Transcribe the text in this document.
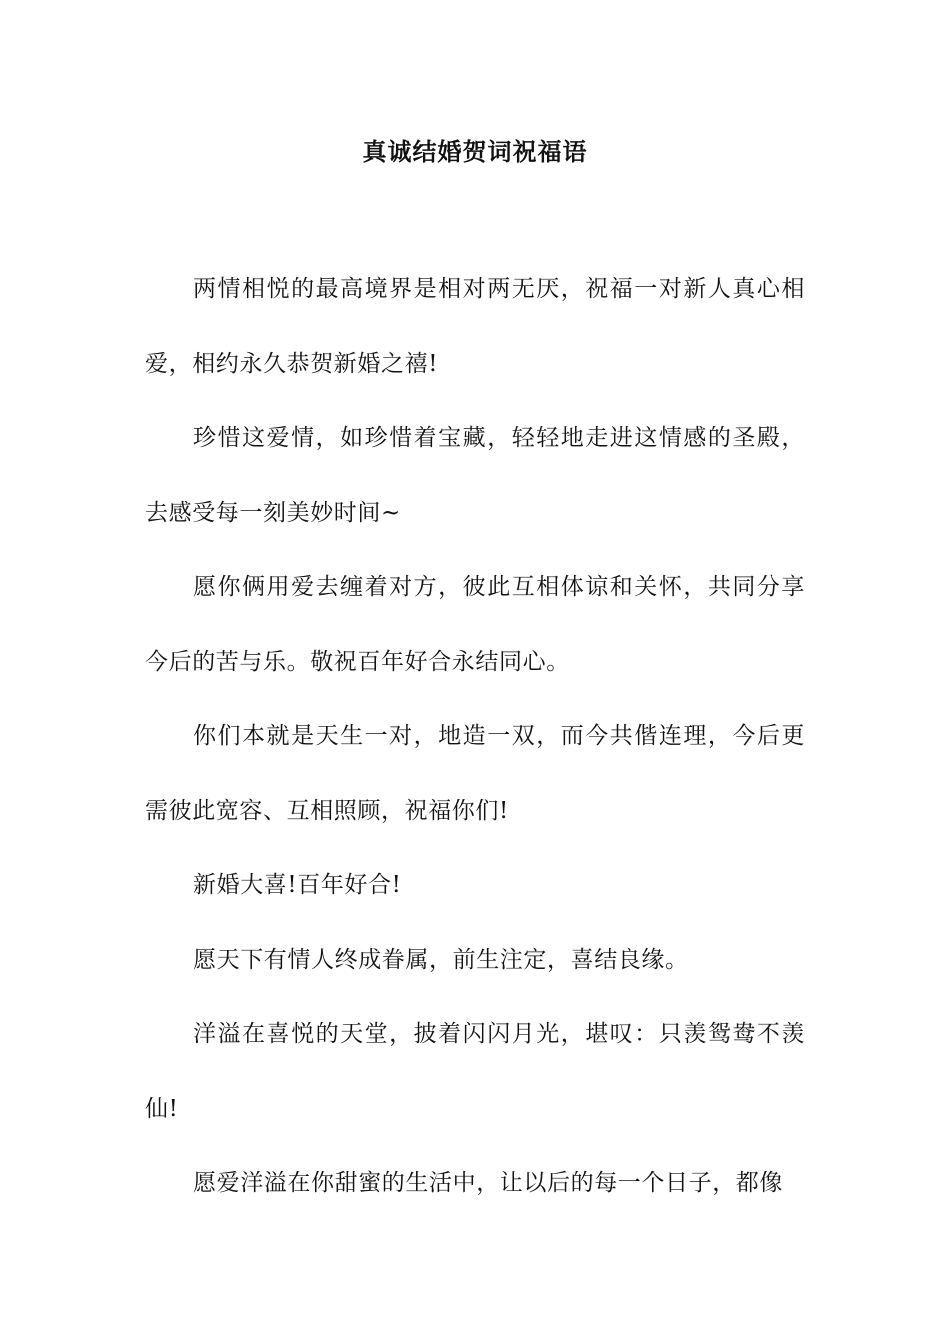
真诚结婚贺词祝福语

两情相悦的最高境界是相对两无厌，祝福一对新人真心相爱，相约永久恭贺新婚之禧!

珍惜这爱情，如珍惜着宝藏，轻轻地走进这情感的圣殿，去感受每一刻美妙时间~

愿你俩用爱去缠着对方，彼此互相体谅和关怀，共同分享今后的苦与乐。敬祝百年好合永结同心。

你们本就是天生一对，地造一双，而今共偕连理，今后更需彼此宽容、互相照顾，祝福你们!

新婚大喜!百年好合!

愿天下有情人终成眷属，前生注定，喜结良缘。

洋溢在喜悦的天堂，披着闪闪月光，堪叹：只羡鸳鸯不羡仙!

愿爱洋溢在你甜蜜的生活中，让以后的每一个日子，都像
